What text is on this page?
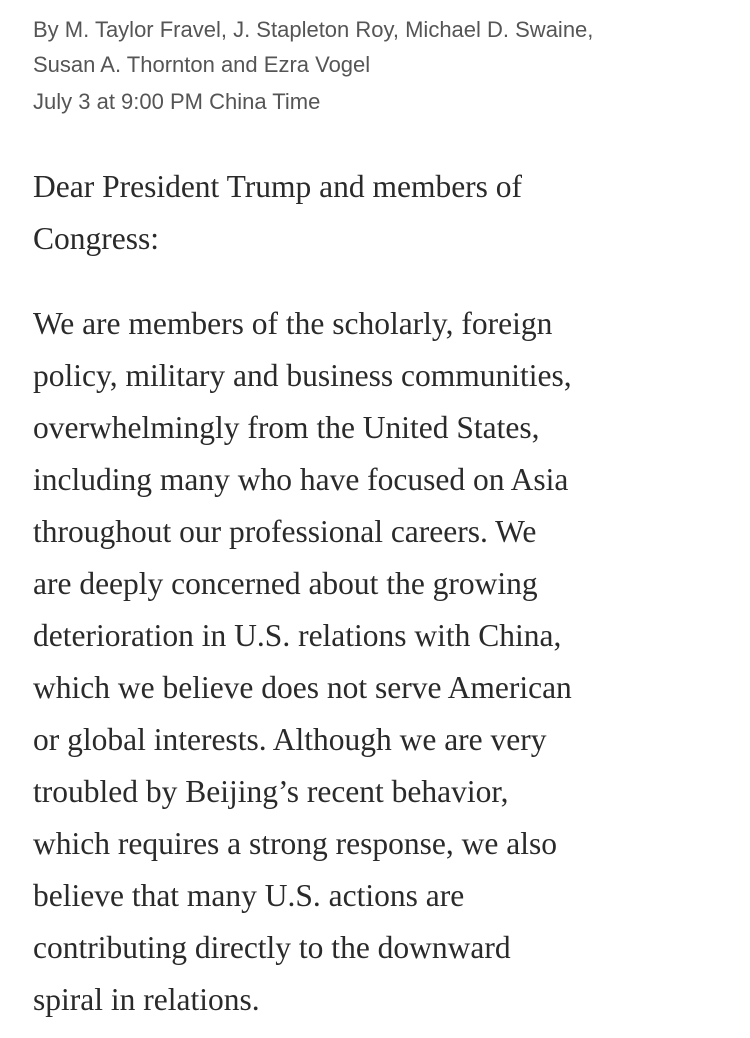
By M. Taylor Fravel, J. Stapleton Roy, Michael D. Swaine,
Susan A. Thornton and Ezra Vogel

July 3 at 9:00 PM China Time

Dear President Trump and members of
Congress:

We are members of the scholarly, foreign
policy, military and business communities,
overwhelmingly from the United States,
including many who have focused on Asia
throughout our professional careers. We
are deeply concerned about the growing
deterioration in U.S. relations with China,
which we believe does not serve American
or global interests. Although we are very
troubled by Beijing’s recent behavior,
which requires a strong response, we also
believe that many U.S. actions are
contributing directly to the downward
spiral in relations.
